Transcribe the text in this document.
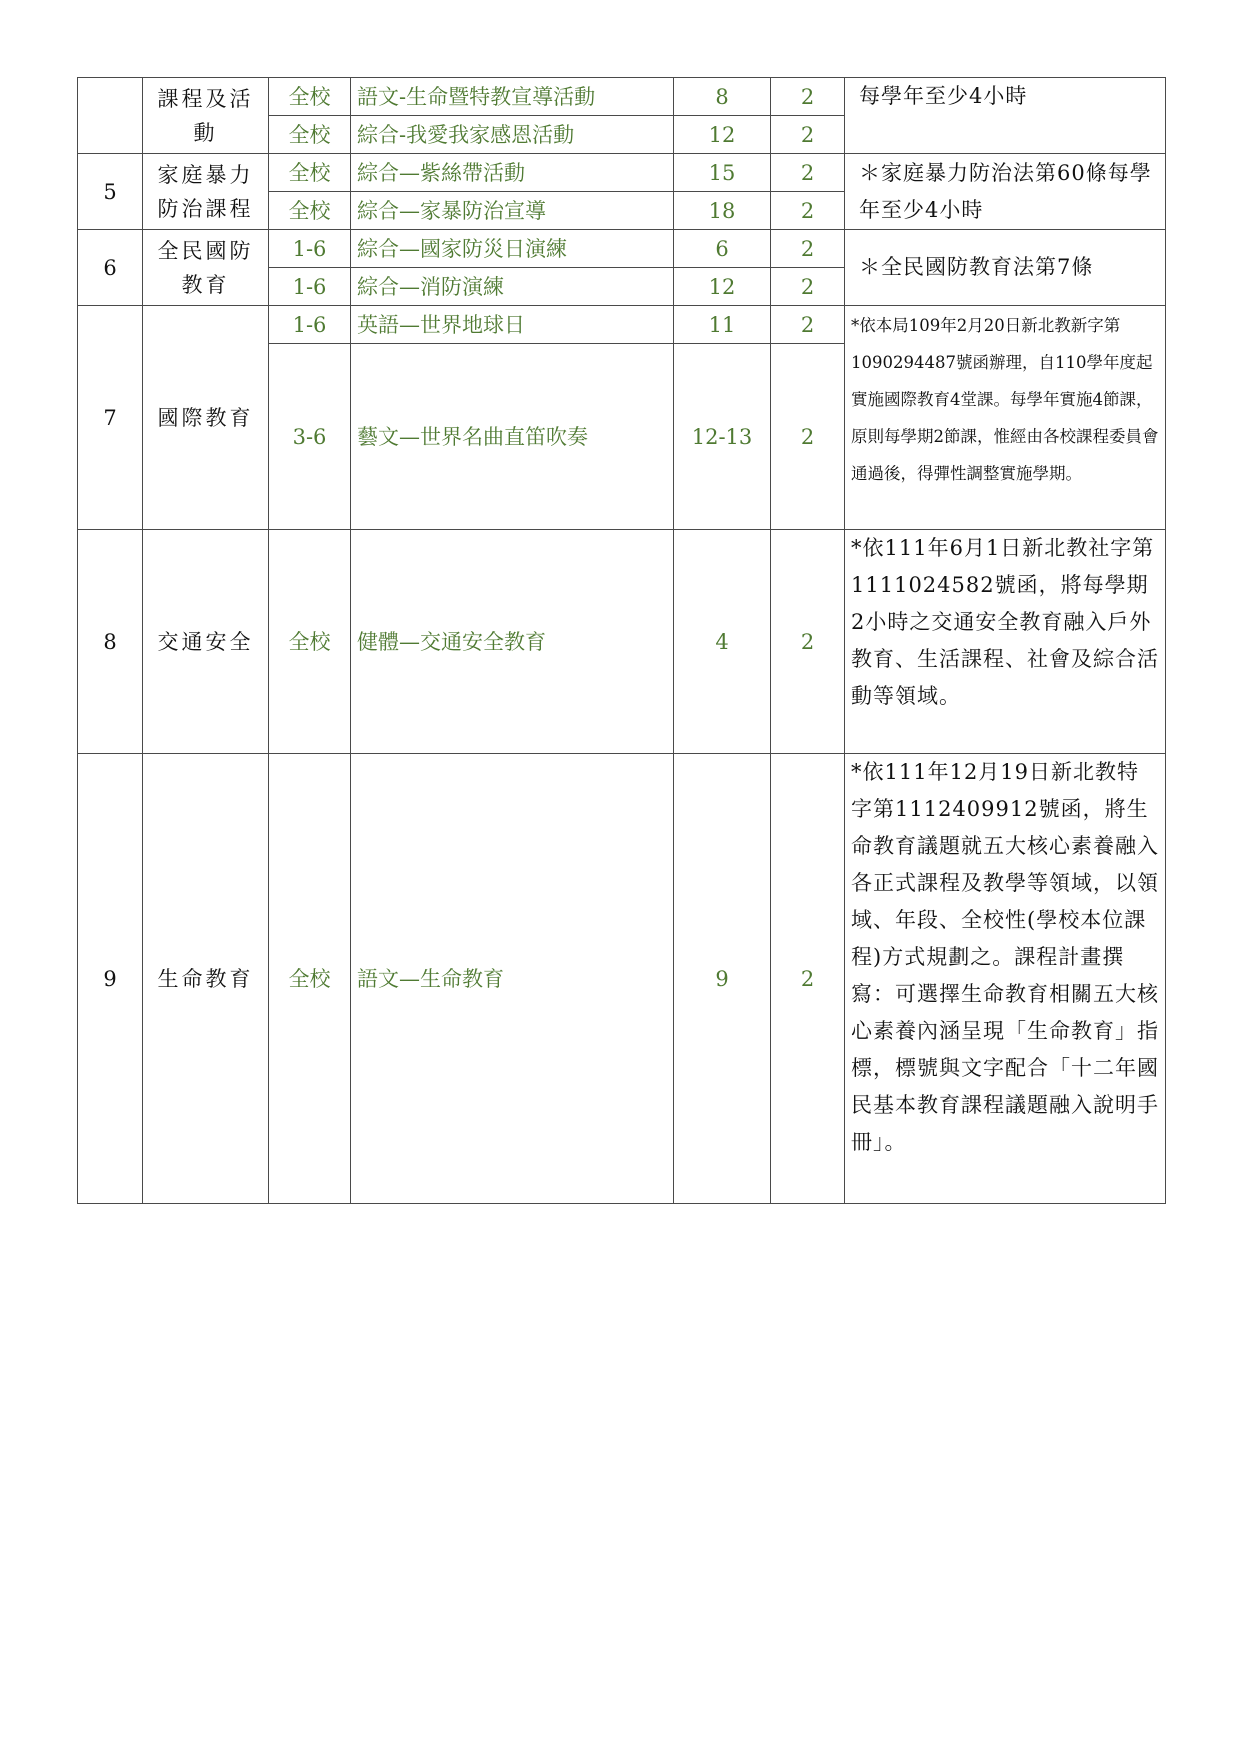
	課程及活動	全校	語文-生命暨特教宣導活動	8	2	每學年至少4小時
		全校	綜合-我愛我家感恩活動	12	2	
5	家庭暴力防治課程	全校	綜合—紫絲帶活動	15	2	＊家庭暴力防治法第60條每學年至少4小時
		全校	綜合—家暴防治宣導	18	2	
6	全民國防教育	1-6	綜合—國家防災日演練	6	2	＊全民國防教育法第7條
		1-6	綜合—消防演練	12	2	
7	國際教育	1-6	英語—世界地球日	11	2	*依本局109年2月20日新北教新字第1090294487號函辦理，自110學年度起實施國際教育4堂課。每學年實施4節課，原則每學期2節課，惟經由各校課程委員會通過後，得彈性調整實施學期。
		3-6	藝文—世界名曲直笛吹奏	12-13	2	
8	交通安全	全校	健體—交通安全教育	4	2	*依111年6月1日新北教社字第1111024582號函，將每學期2小時之交通安全教育融入戶外教育、生活課程、社會及綜合活動等領域。
9	生命教育	全校	語文—生命教育	9	2	*依111年12月19日新北教特字第1112409912號函，將生命教育議題就五大核心素養融入各正式課程及教學等領域，以領域、年段、全校性(學校本位課程)方式規劃之。課程計畫撰寫：可選擇生命教育相關五大核心素養內涵呈現「生命教育」指標，標號與文字配合「十二年國民基本教育課程議題融入說明手冊」。
